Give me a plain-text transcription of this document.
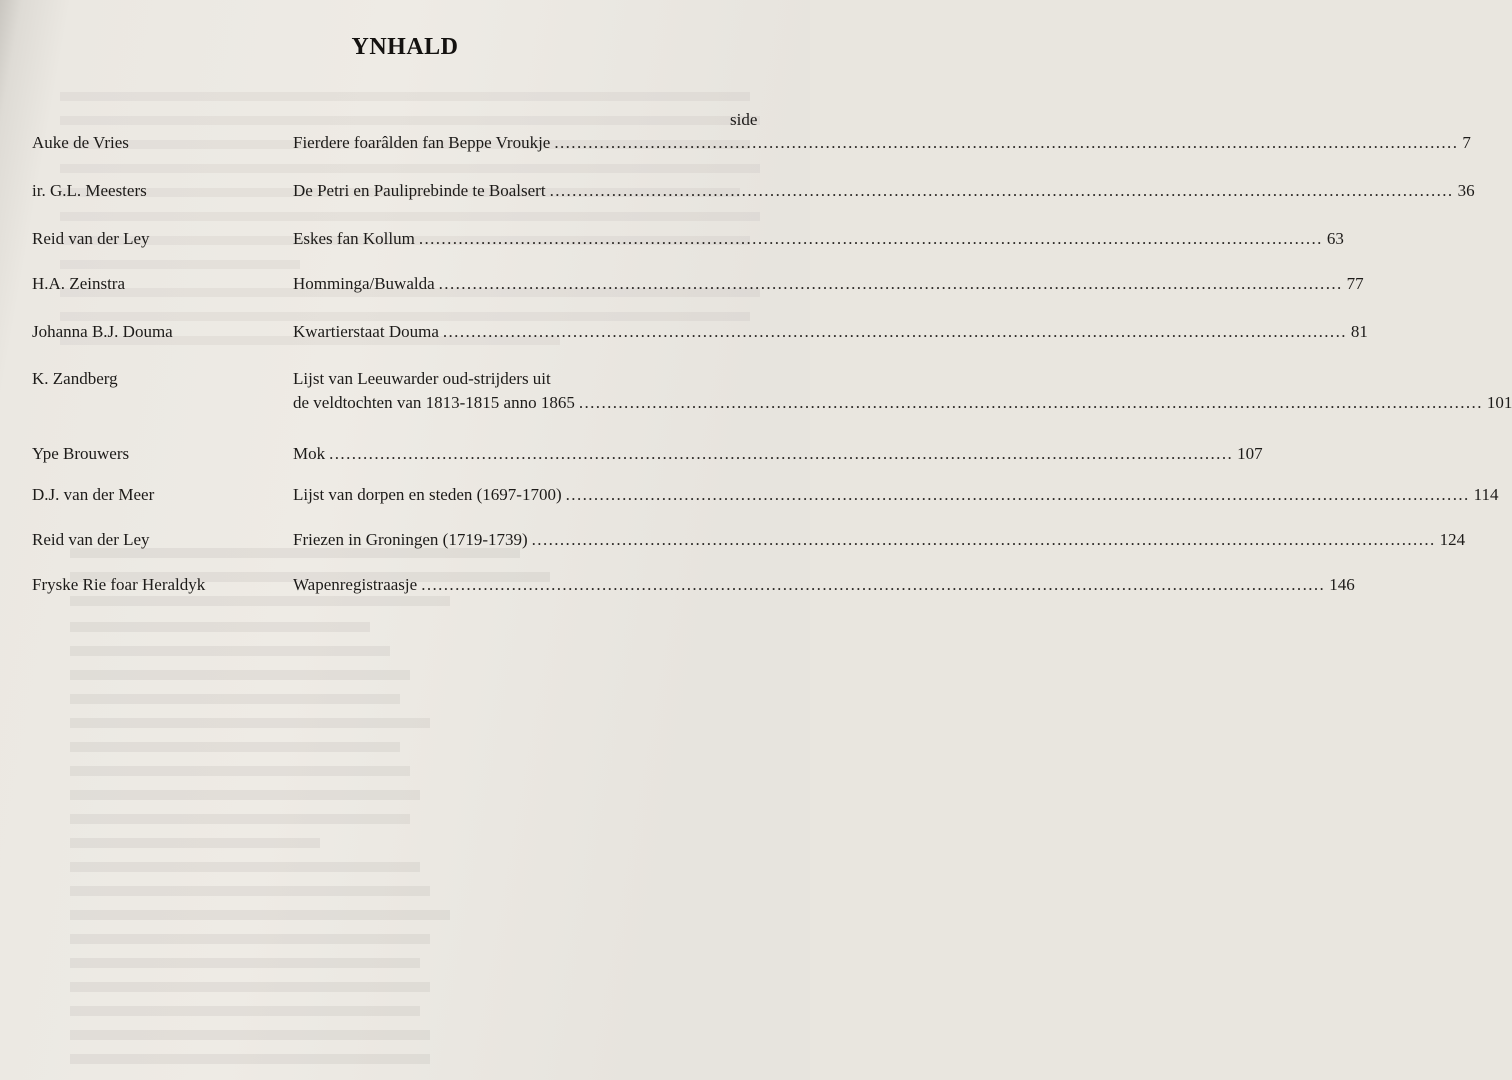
YNHALD
side
Auke de Vries	Fierdere foarâlden fan Beppe Vroukje ................................................................................................................................................................ 7
ir. G.L. Meesters	De Petri en Pauliprebinde te Boalsert ................................................................................................................................................................ 36
Reid van der Ley	Eskes fan Kollum ................................................................................................................................................................ 63
H.A. Zeinstra	Homminga/Buwalda ................................................................................................................................................................ 77
Johanna B.J. Douma	Kwartierstaat Douma ................................................................................................................................................................ 81
K. Zandberg	Lijst van Leeuwarder oud-strijders uit
de veldtochten van 1813-1815 anno 1865 ................................................................................................................................................................ 101
Ype Brouwers	Mok ................................................................................................................................................................ 107
D.J. van der Meer	Lijst van dorpen en steden (1697-1700) ................................................................................................................................................................ 114
Reid van der Ley	Friezen in Groningen (1719-1739) ................................................................................................................................................................ 124
Fryske Rie foar Heraldyk	Wapenregistraasje ................................................................................................................................................................ 146
